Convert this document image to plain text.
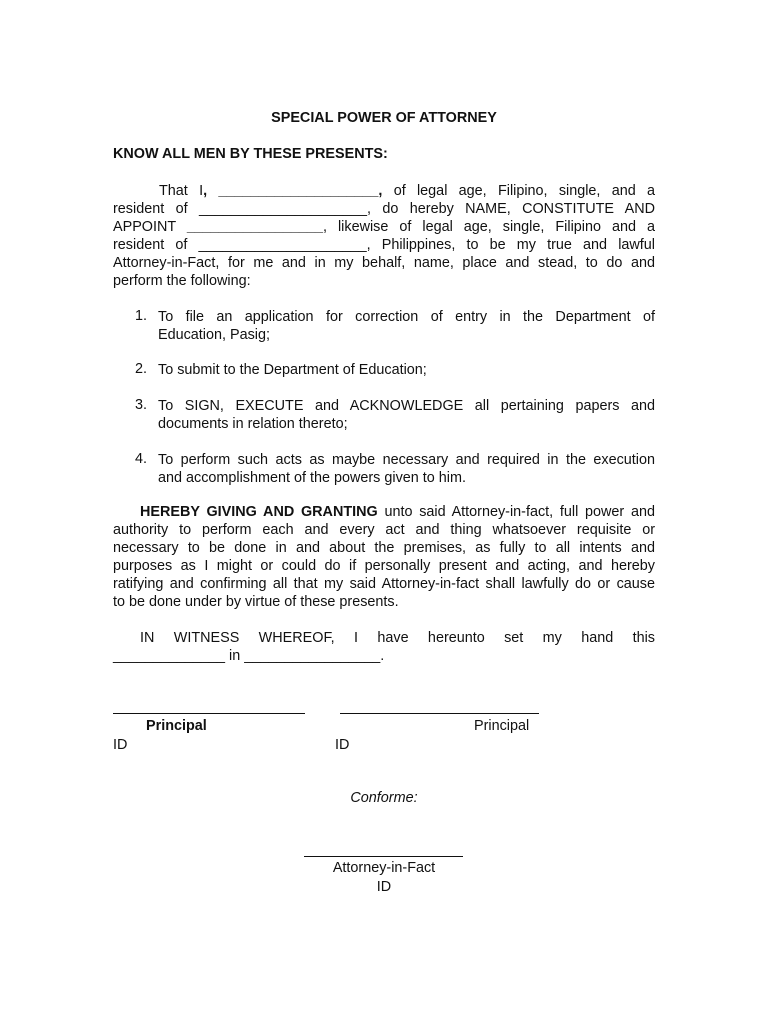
SPECIAL POWER OF ATTORNEY
KNOW ALL MEN BY THESE PRESENTS:
That I, ____________________, of legal age, Filipino, single, and a
resident of _____________________, do hereby NAME, CONSTITUTE AND
APPOINT _________________, likewise of legal age, single, Filipino and a
resident of _____________________, Philippines, to be my true and lawful
Attorney-in-Fact, for me and in my behalf, name, place and stead, to do and
perform the following:
1. To file an application for correction of entry in the Department of
Education, Pasig;
2. To submit to the Department of Education;
3. To SIGN, EXECUTE and ACKNOWLEDGE all pertaining papers and
documents in relation thereto;
4. To perform such acts as maybe necessary and required in the execution
and accomplishment of the powers given to him.
HEREBY GIVING AND GRANTING unto said Attorney-in-fact, full power and
authority to perform each and every act and thing whatsoever requisite or
necessary to be done in and about the premises, as fully to all intents and
purposes as I might or could do if personally present and acting, and hereby
ratifying and confirming all that my said Attorney-in-fact shall lawfully do or cause
to be done under by virtue of these presents.
IN WITNESS WHEREOF, I have hereunto set my hand this
______________ in _________________.
Principal	Principal
ID	ID
Conforme:
Attorney-in-Fact
ID
